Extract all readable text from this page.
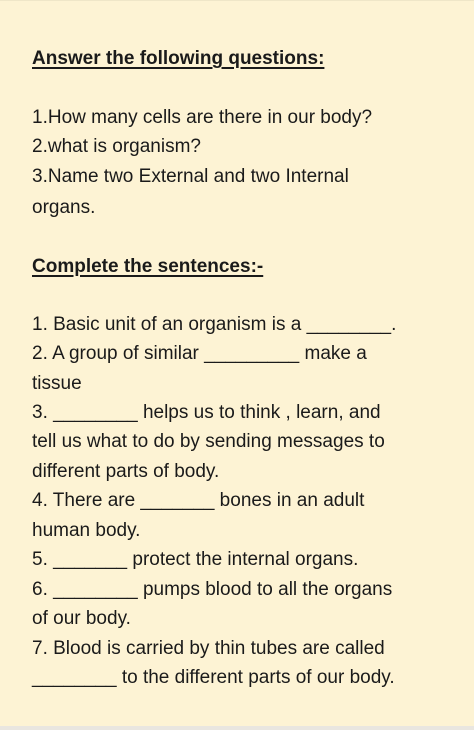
Answer the following questions:

1.How many cells are there in our body?

2.what is organism?

3.Name two External and two Internal

organs.

Complete the sentences:-

1. Basic unit of an organism is a ________.

2. A group of similar _________ make a

tissue

3. ________ helps us to think , learn, and

tell us what to do by sending messages to

different parts of body.

4. There are _______ bones in an adult

human body.

5. _______ protect the internal organs.

6. ________ pumps blood to all the organs

of our body.

7. Blood is carried by thin tubes are called

________ to the different parts of our body.
